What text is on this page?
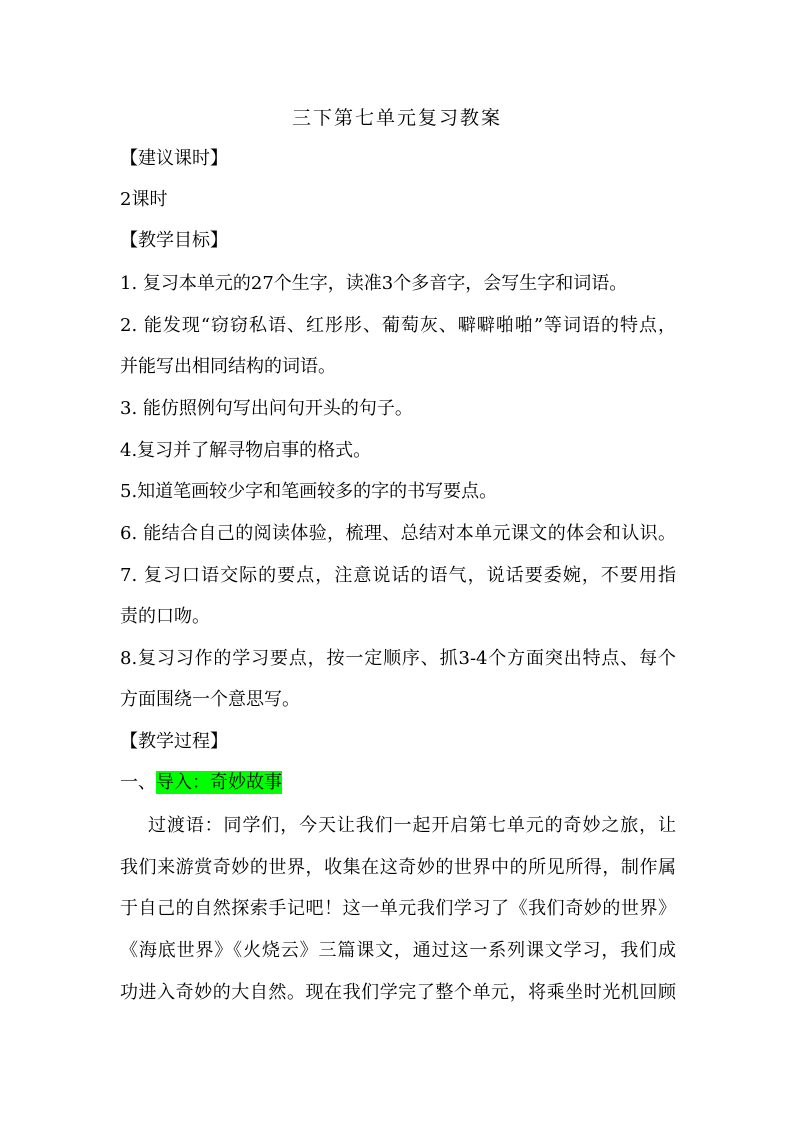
三下第七单元复习教案
【建议课时】
2课时
【教学目标】
1. 复习本单元的27个生字，读准3个多音字，会写生字和词语。
2. 能发现“窃窃私语、红彤彤、葡萄灰、噼噼啪啪”等词语的特点，
并能写出相同结构的词语。
3. 能仿照例句写出问句开头的句子。
4.复习并了解寻物启事的格式。
5.知道笔画较少字和笔画较多的字的书写要点。
6. 能结合自己的阅读体验，梳理、总结对本单元课文的体会和认识。
7. 复习口语交际的要点，注意说话的语气，说话要委婉，不要用指
责的口吻。
8.复习习作的学习要点，按一定顺序、抓3-4个方面突出特点、每个
方面围绕一个意思写。
【教学过程】
一、导入：奇妙故事
过渡语：同学们，今天让我们一起开启第七单元的奇妙之旅，让
我们来游赏奇妙的世界，收集在这奇妙的世界中的所见所得，制作属
于自己的自然探索手记吧！这一单元我们学习了《我们奇妙的世界》
《海底世界》《火烧云》三篇课文，通过这一系列课文学习，我们成
功进入奇妙的大自然。现在我们学完了整个单元，将乘坐时光机回顾
